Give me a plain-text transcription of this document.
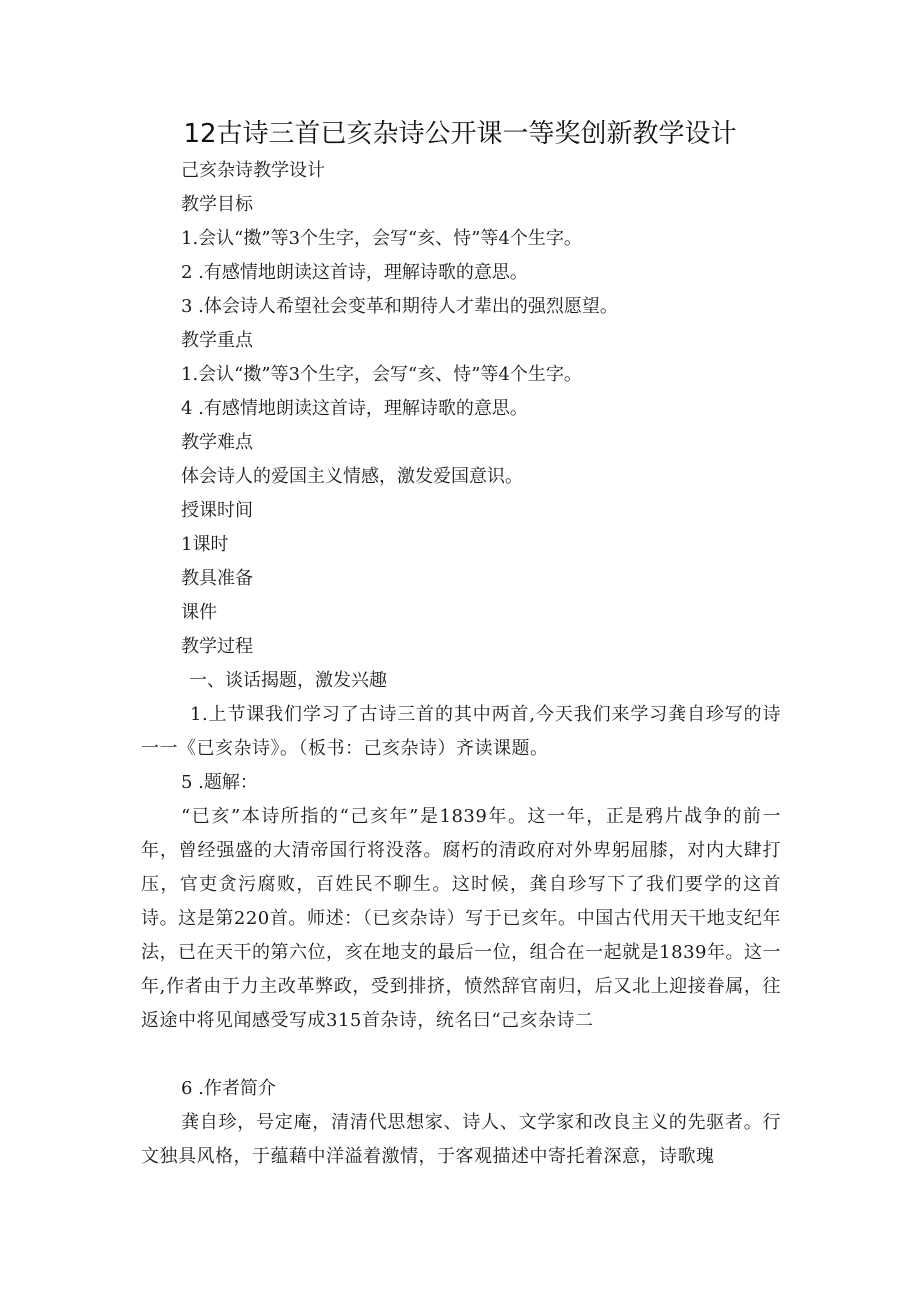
12古诗三首已亥杂诗公开课一等奖创新教学设计
己亥杂诗教学设计
教学目标
1.会认“擞”等3个生字，会写“亥、恃”等4个生字。
2 .有感情地朗读这首诗，理解诗歌的意思。
3 .体会诗人希望社会变革和期待人才辈出的强烈愿望。
教学重点
1.会认“擞”等3个生字，会写“亥、恃”等4个生字。
4 .有感情地朗读这首诗，理解诗歌的意思。
教学难点
体会诗人的爱国主义情感，激发爱国意识。
授课时间
1课时
教具准备
课件
教学过程
一、谈话揭题，激发兴趣
1.上节课我们学习了古诗三首的其中两首,今天我们来学习龚自珍写的诗一一《已亥杂诗》。（板书：己亥杂诗）齐读课题。
5 .题解：
“已亥”本诗所指的“己亥年”是1839年。这一年，正是鸦片战争的前一年，曾经强盛的大清帝国行将没落。腐朽的清政府对外卑躬屈膝，对内大肆打压，官吏贪污腐败，百姓民不聊生。这时候，龚自珍写下了我们要学的这首诗。这是第220首。师述：（已亥杂诗）写于已亥年。中国古代用天干地支纪年法，已在天干的第六位，亥在地支的最后一位，组合在一起就是1839年。这一年,作者由于力主改革弊政，受到排挤，愤然辞官南归，后又北上迎接眷属，往返途中将见闻感受写成315首杂诗，统名曰“己亥杂诗二
6 .作者简介
龚自珍，号定庵，清清代思想家、诗人、文学家和改良主义的先驱者。行文独具风格，于蕴藉中洋溢着激情，于客观描述中寄托着深意，诗歌瑰
